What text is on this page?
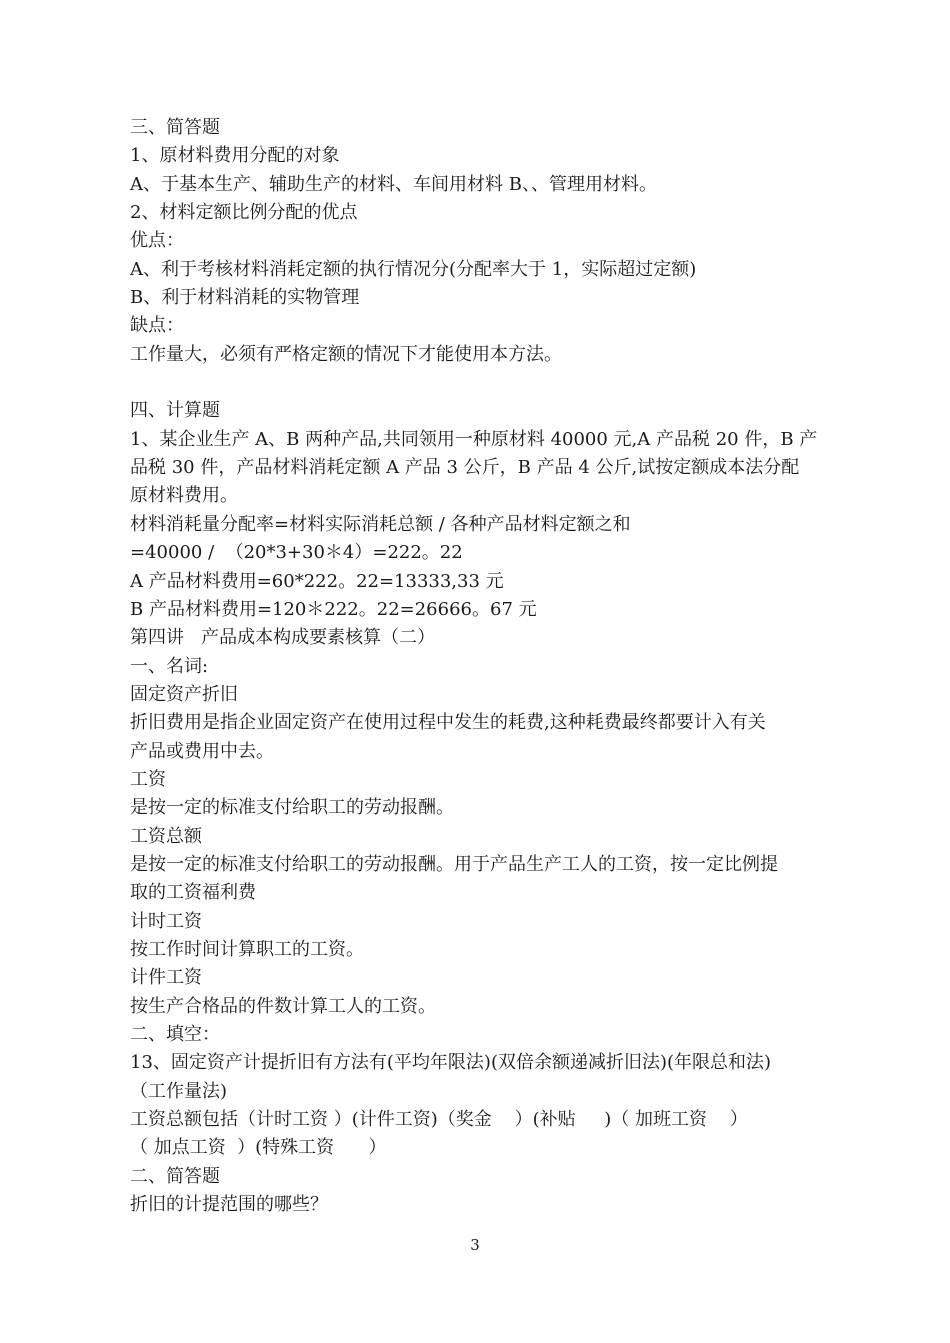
三、简答题
1、原材料费用分配的对象
A、于基本生产、辅助生产的材料、车间用材料 B、、管理用材料。
2、材料定额比例分配的优点
优点：
A、利于考核材料消耗定额的执行情况分(分配率大于 1，实际超过定额)
B、利于材料消耗的实物管理
缺点：
工作量大，必须有严格定额的情况下才能使用本方法。
四、计算题
1、某企业生产 A、B 两种产品,共同领用一种原材料 40000 元,A 产品税 20 件，B 产
品税 30 件，产品材料消耗定额 A 产品 3 公斤，B 产品 4 公斤,试按定额成本法分配
原材料费用。
材料消耗量分配率=材料实际消耗总额 / 各种产品材料定额之和
=40000 /  （20*3+30＊4）=222。22
A 产品材料费用=60*222。22=13333,33 元
B 产品材料费用=120＊222。22=26666。67 元
第四讲   产品成本构成要素核算（二）
一、名词:
固定资产折旧
折旧费用是指企业固定资产在使用过程中发生的耗费,这种耗费最终都要计入有关
产品或费用中去。
工资
是按一定的标准支付给职工的劳动报酬。
工资总额
是按一定的标准支付给职工的劳动报酬。用于产品生产工人的工资，按一定比例提
取的工资福利费
计时工资
按工作时间计算职工的工资。
计件工资
按生产合格品的件数计算工人的工资。
二、填空：
13、固定资产计提折旧有方法有(平均年限法)(双倍余额递减折旧法)(年限总和法)
（工作量法)
工资总额包括（计时工资 ）(计件工资)（奖金    ）(补贴     )（ 加班工资    ）
（ 加点工资  ）(特殊工资      ）
二、简答题
折旧的计提范围的哪些？
3
